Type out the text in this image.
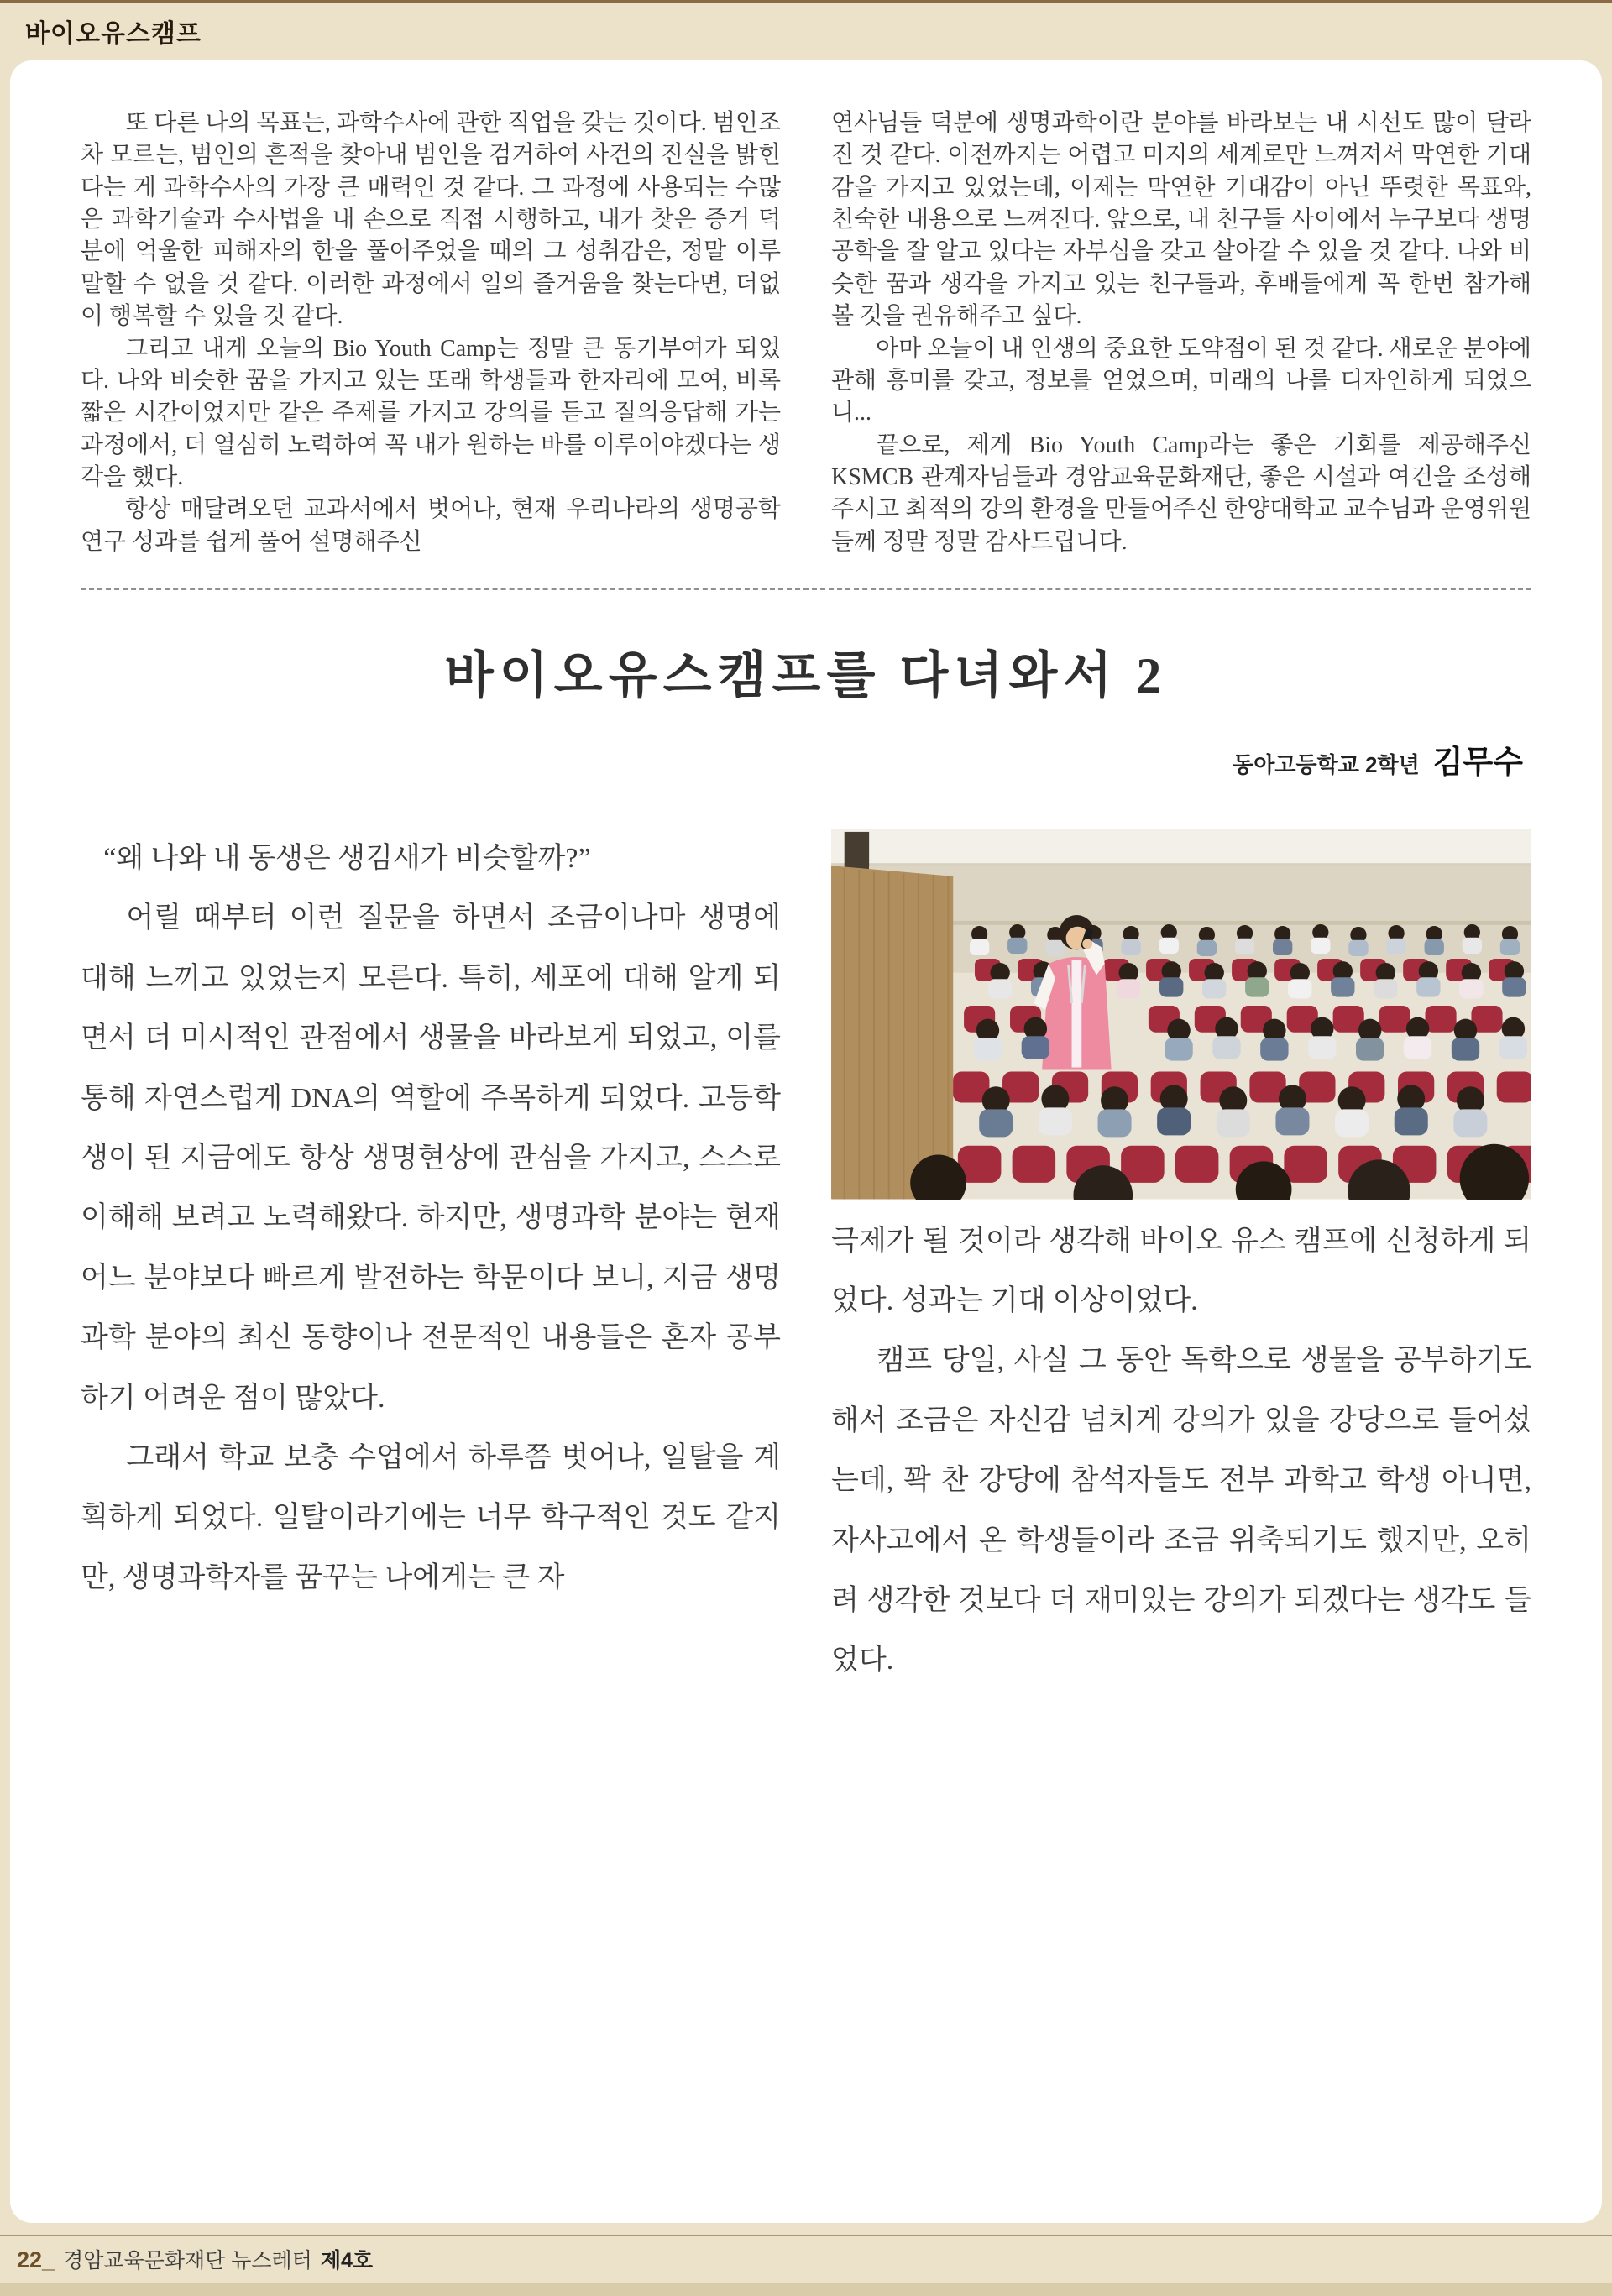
바이오유스캠프

또 다른 나의 목표는, 과학수사에 관한 직업을 갖는 것이다. 범인조차 모르는, 범인의 흔적을 찾아내 범인을 검거하여 사건의 진실을 밝힌다는 게 과학수사의 가장 큰 매력인 것 같다. 그 과정에 사용되는 수많은 과학기술과 수사법을 내 손으로 직접 시행하고, 내가 찾은 증거 덕분에 억울한 피해자의 한을 풀어주었을 때의 그 성취감은, 정말 이루 말할 수 없을 것 같다. 이러한 과정에서 일의 즐거움을 찾는다면, 더없이 행복할 수 있을 것 같다.

그리고 내게 오늘의 Bio Youth Camp는 정말 큰 동기부여가 되었다. 나와 비슷한 꿈을 가지고 있는 또래 학생들과 한자리에 모여, 비록 짧은 시간이었지만 같은 주제를 가지고 강의를 듣고 질의응답해 가는 과정에서, 더 열심히 노력하여 꼭 내가 원하는 바를 이루어야겠다는 생각을 했다.

항상 매달려오던 교과서에서 벗어나, 현재 우리나라의 생명공학 연구 성과를 쉽게 풀어 설명해주신

연사님들 덕분에 생명과학이란 분야를 바라보는 내 시선도 많이 달라진 것 같다. 이전까지는 어렵고 미지의 세계로만 느껴져서 막연한 기대감을 가지고 있었는데, 이제는 막연한 기대감이 아닌 뚜렷한 목표와, 친숙한 내용으로 느껴진다. 앞으로, 내 친구들 사이에서 누구보다 생명공학을 잘 알고 있다는 자부심을 갖고 살아갈 수 있을 것 같다. 나와 비슷한 꿈과 생각을 가지고 있는 친구들과, 후배들에게 꼭 한번 참가해 볼 것을 권유해주고 싶다.

아마 오늘이 내 인생의 중요한 도약점이 된 것 같다. 새로운 분야에 관해 흥미를 갖고, 정보를 얻었으며, 미래의 나를 디자인하게 되었으니...

끝으로, 제게 Bio Youth Camp라는 좋은 기회를 제공해주신 KSMCB 관계자님들과 경암교육문화재단, 좋은 시설과 여건을 조성해주시고 최적의 강의 환경을 만들어주신 한양대학교 교수님과 운영위원들께 정말 정말 감사드립니다.

바이오유스캠프를 다녀와서 2
동아고등학교 2학년 김무수

“왜 나와 내 동생은 생김새가 비슷할까?”

어릴 때부터 이런 질문을 하면서 조금이나마 생명에 대해 느끼고 있었는지 모른다. 특히, 세포에 대해 알게 되면서 더 미시적인 관점에서 생물을 바라보게 되었고, 이를 통해 자연스럽게 DNA의 역할에 주목하게 되었다. 고등학생이 된 지금에도 항상 생명현상에 관심을 가지고, 스스로 이해해 보려고 노력해왔다. 하지만, 생명과학 분야는 현재 어느 분야보다 빠르게 발전하는 학문이다 보니, 지금 생명과학 분야의 최신 동향이나 전문적인 내용들은 혼자 공부하기 어려운 점이 많았다.

그래서 학교 보충 수업에서 하루쯤 벗어나, 일탈을 계획하게 되었다. 일탈이라기에는 너무 학구적인 것도 같지만, 생명과학자를 꿈꾸는 나에게는 큰 자

극제가 될 것이라 생각해 바이오 유스 캠프에 신청하게 되었다. 성과는 기대 이상이었다.

캠프 당일, 사실 그 동안 독학으로 생물을 공부하기도 해서 조금은 자신감 넘치게 강의가 있을 강당으로 들어섰는데, 꽉 찬 강당에 참석자들도 전부 과학고 학생 아니면, 자사고에서 온 학생들이라 조금 위축되기도 했지만, 오히려 생각한 것보다 더 재미있는 강의가 되겠다는 생각도 들었다.

22_ 경암교육문화재단 뉴스레터 제4호
